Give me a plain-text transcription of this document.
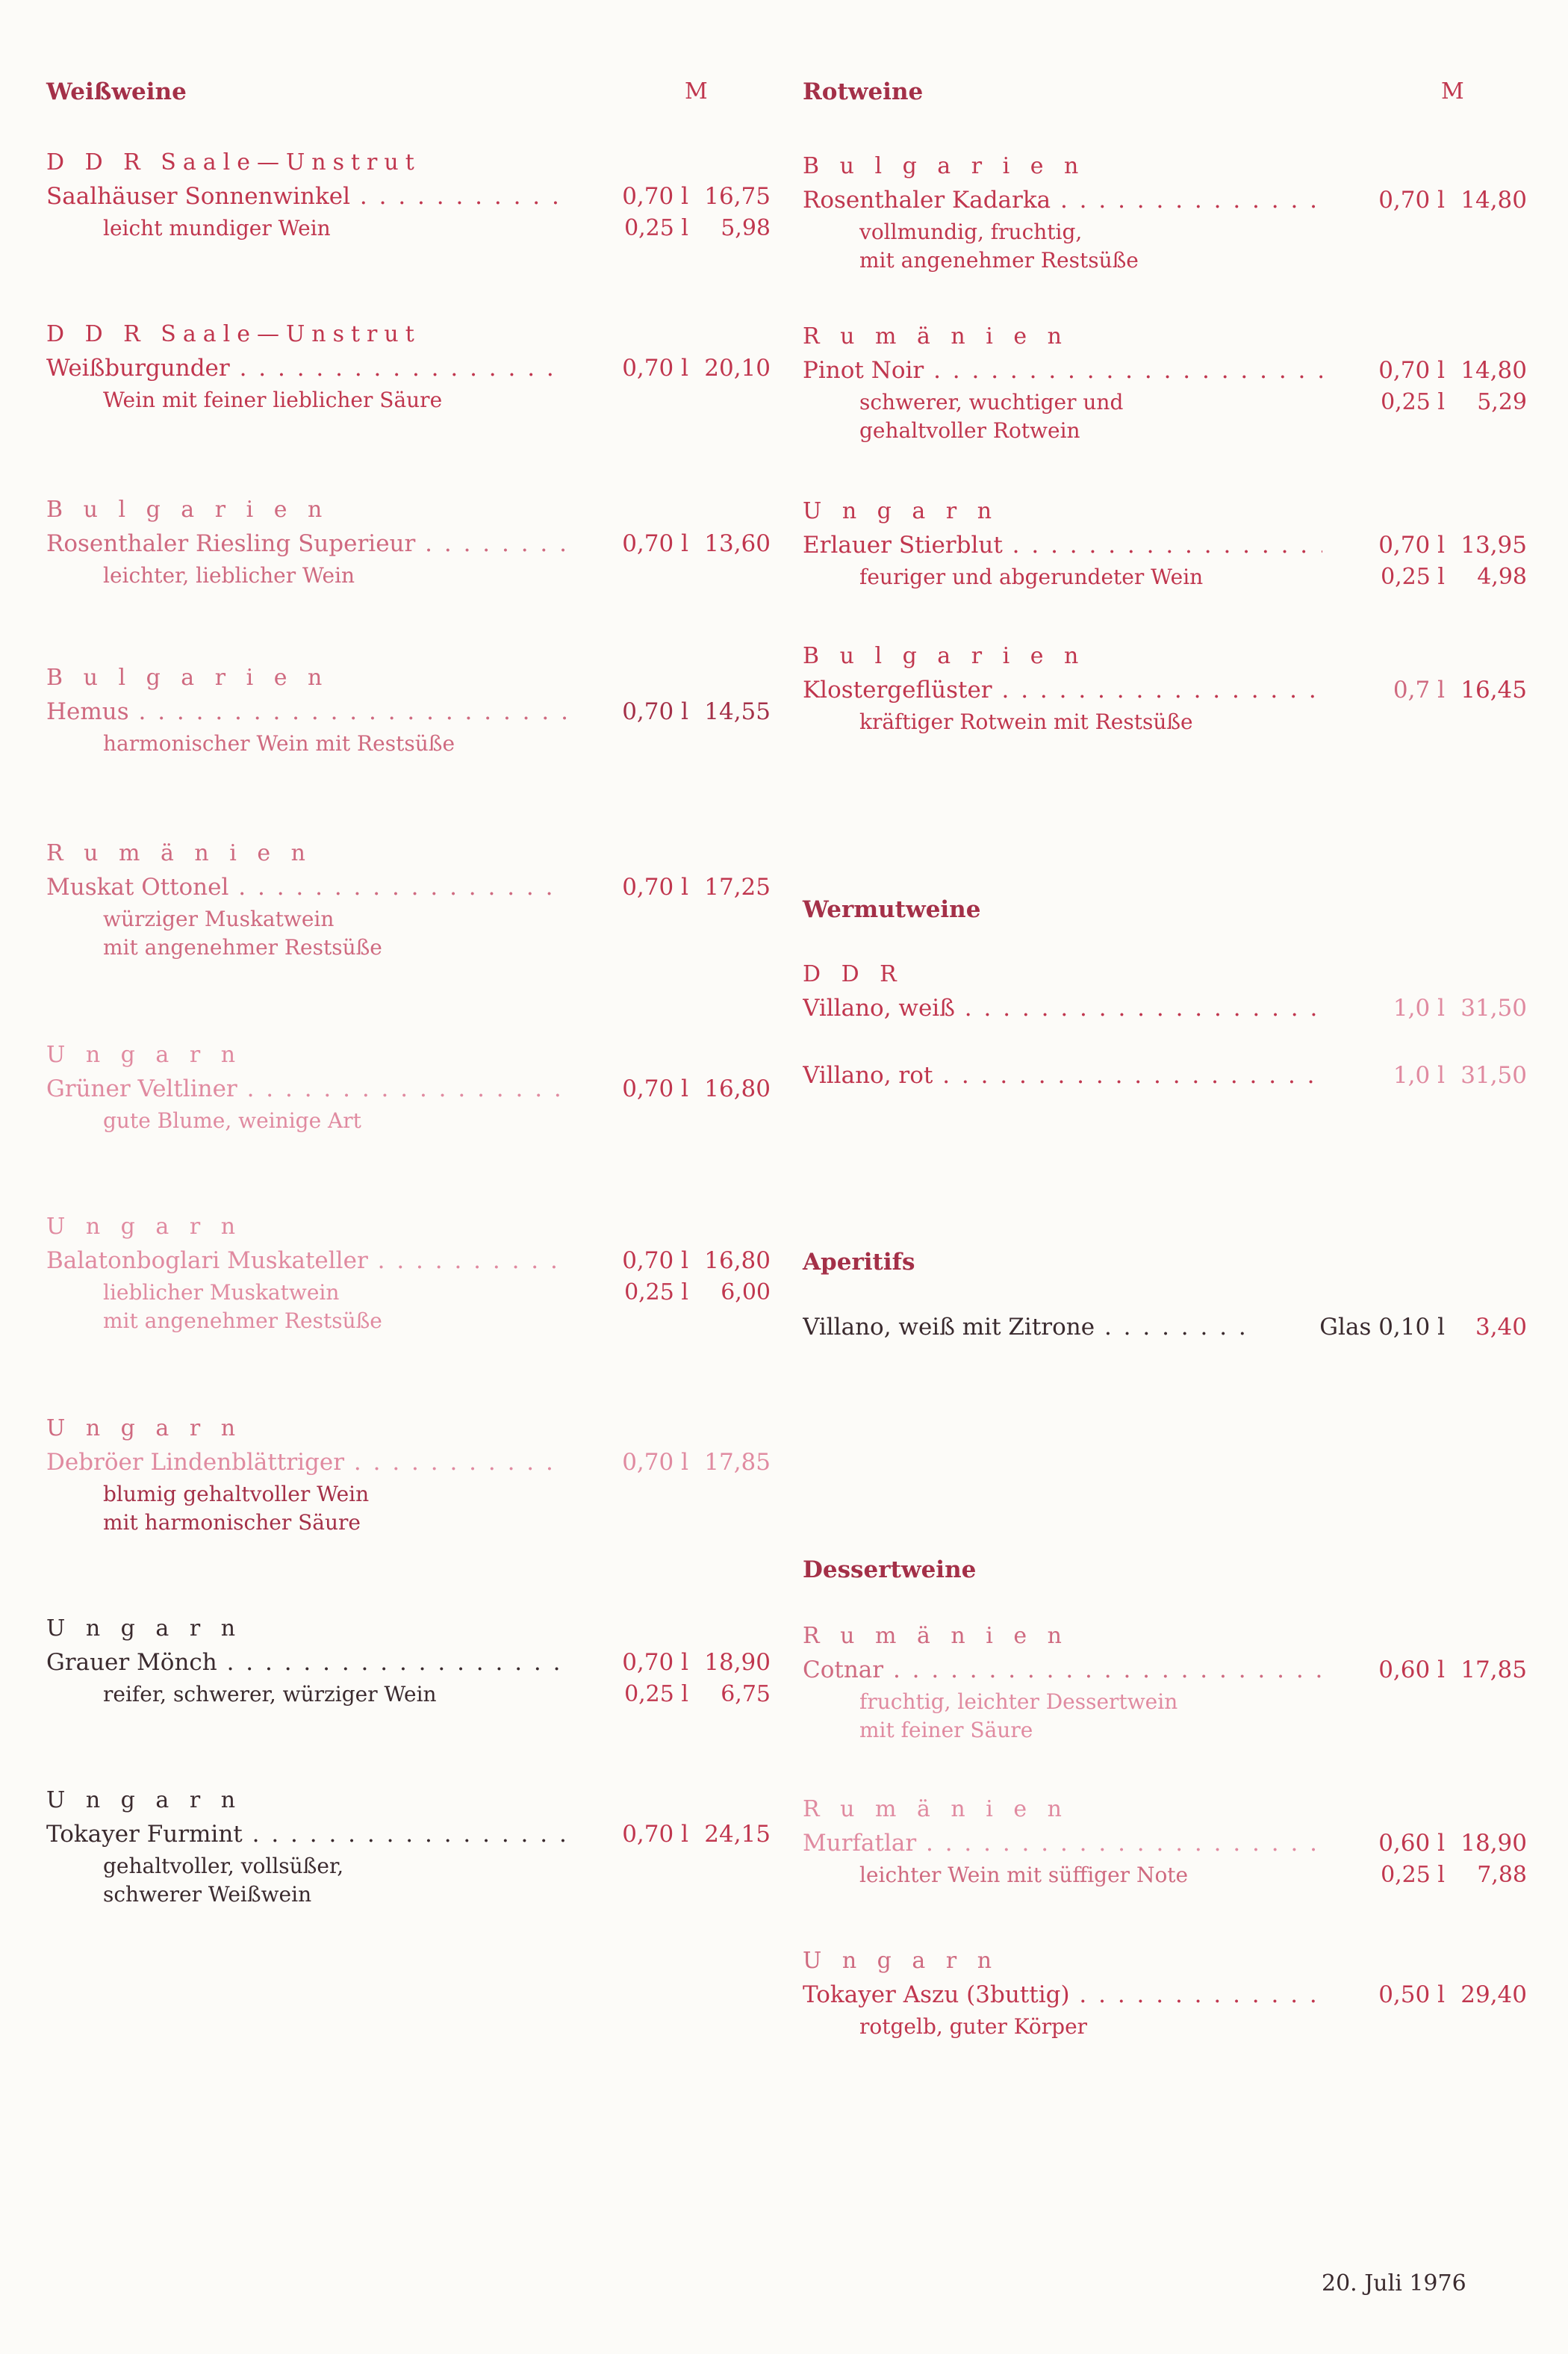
Weißweine	M
D D R Saale—Unstrut
Saalhäuser Sonnenwinkel . . .	0,70 l 16,75
leicht mundiger Wein	0,25 l	5,98
D D R Saale—Unstrut
Weißburgunder . . .	0,70 l 20,10
Wein mit feiner lieblicher Säure
B u l g a r i e n
Rosenthaler Riesling Superieur . . .	0,70 l 13,60
leichter, lieblicher Wein
B u l g a r i e n
Hemus . . .	0,70 l 14,55
harmonischer Wein mit Restsüße
R u m ä n i e n
Muskat Ottonel . . .	0,70 l 17,25
würziger Muskatwein
mit angenehmer Restsüße
U n g a r n
Grüner Veltliner . . .	0,70 l 16,80
gute Blume, weinige Art
U n g a r n
Balatonboglari Muskateller . . .	0,70 l 16,80
lieblicher Muskatwein	0,25 l	6,00
mit angenehmer Restsüße
U n g a r n
Debröer Lindenblättriger . . .	0,70 l 17,85
blumig gehaltvoller Wein
mit harmonischer Säure
U n g a r n
Grauer Mönch . . .	0,70 l 18,90
reifer, schwerer, würziger Wein	0,25 l	6,75
U n g a r n
Tokayer Furmint . . .	0,70 l 24,15
gehaltvoller, vollsüßer,
schwerer Weißwein
Rotweine	M
B u l g a r i e n
Rosenthaler Kadarka . . .	0,70 l 14,80
vollmundig, fruchtig,
mit angenehmer Restsüße
R u m ä n i e n
Pinot Noir . . .	0,70 l 14,80
schwerer, wuchtiger und	0,25 l	5,29
gehaltvoller Rotwein
U n g a r n
Erlauer Stierblut . . .	0,70 l 13,95
feuriger und abgerundeter Wein	0,25 l	4,98
B u l g a r i e n
Klostergeflüster . . .	0,7 l 16,45
kräftiger Rotwein mit Restsüße
Wermutweine
D D R
Villano, weiß . . .	1,0 l 31,50
Villano, rot . . .	1,0 l 31,50
Aperitifs
Villano, weiß mit Zitrone . . .	Glas 0,10 l	3,40
Dessertweine
R u m ä n i e n
Cotnar . . .	0,60 l 17,85
fruchtig, leichter Dessertwein
mit feiner Säure
R u m ä n i e n
Murfatlar . . .	0,60 l 18,90
leichter Wein mit süffiger Note	0,25 l	7,88
U n g a r n
Tokayer Aszu (3buttig) . . .	0,50 l 29,40
rotgelb, guter Körper
20. Juli 1976
